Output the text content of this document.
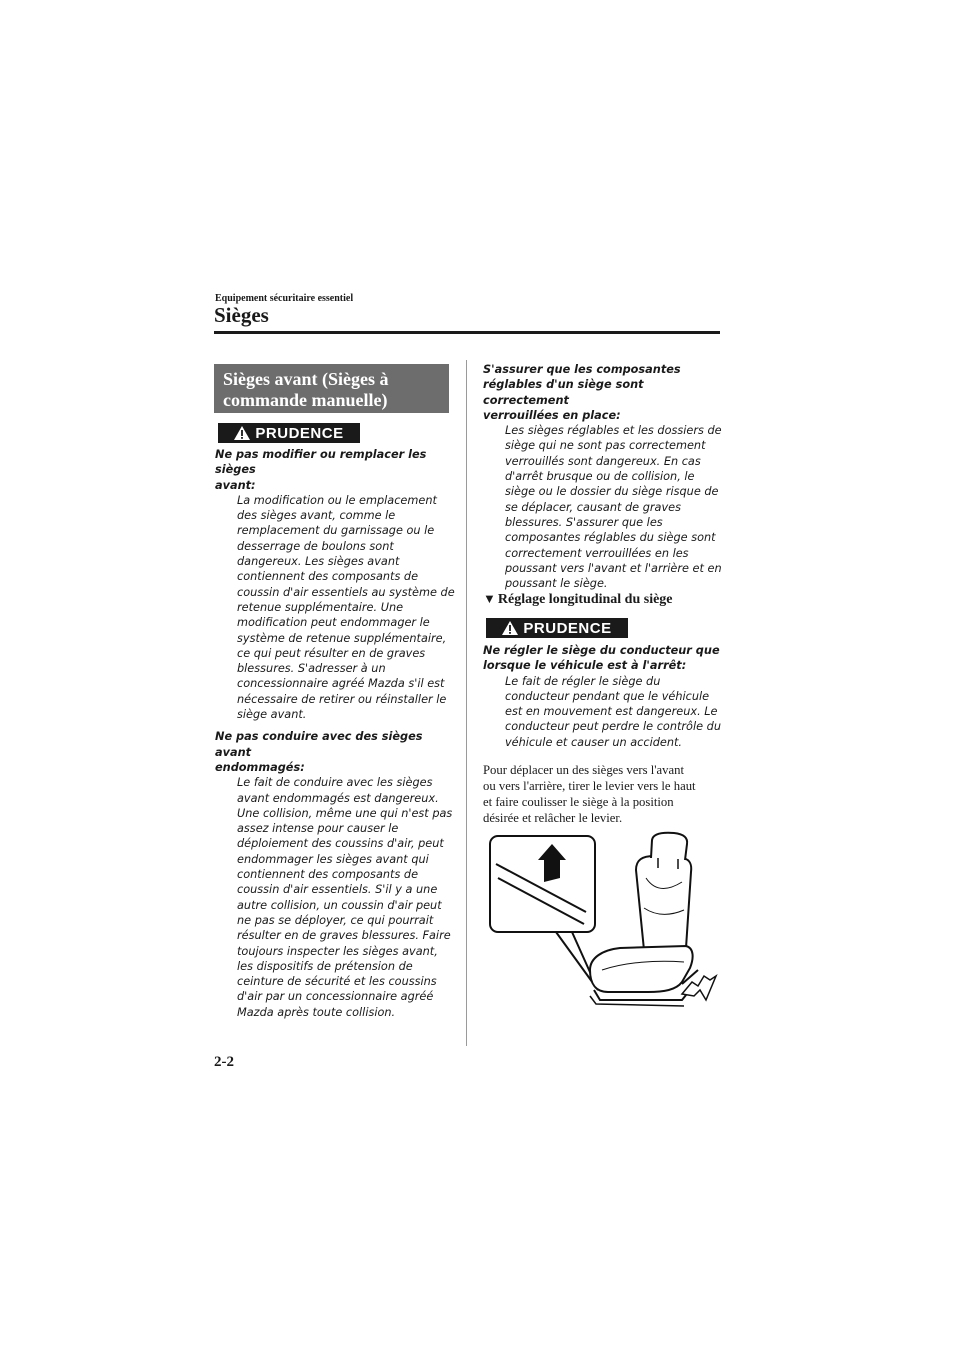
Equipement sécuritaire essentiel
Sièges
Sièges avant (Sièges à
commande manuelle)
PRUDENCE

Ne pas modifier ou remplacer les sièges

avant:

La modification ou le emplacement

des sièges avant, comme le

remplacement du garnissage ou le

desserrage de boulons sont

dangereux. Les sièges avant

contiennent des composants de

coussin d'air essentiels au système de

retenue supplémentaire. Une

modification peut endommager le

système de retenue supplémentaire,

ce qui peut résulter en de graves

blessures. S'adresser à un

concessionnaire agréé Mazda s'il est

nécessaire de retirer ou réinstaller le

siège avant.

Ne pas conduire avec des sièges avant

endommagés:

Le fait de conduire avec les sièges

avant endommagés est dangereux.

Une collision, même une qui n'est pas

assez intense pour causer le

déploiement des coussins d'air, peut

endommager les sièges avant qui

contiennent des composants de

coussin d'air essentiels. S'il y a une

autre collision, un coussin d'air peut

ne pas se déployer, ce qui pourrait

résulter en de graves blessures. Faire

toujours inspecter les sièges avant,

les dispositifs de prétension de

ceinture de sécurité et les coussins

d'air par un concessionnaire agréé

Mazda après toute collision.

S'assurer que les composantes

réglables d'un siège sont correctement

verrouillées en place:

Les sièges réglables et les dossiers de

siège qui ne sont pas correctement

verrouillés sont dangereux. En cas

d'arrêt brusque ou de collision, le

siège ou le dossier du siège risque de

se déplacer, causant de graves

blessures. S'assurer que les

composantes réglables du siège sont

correctement verrouillées en les

poussant vers l'avant et l'arrière et en

poussant le siège.

▼ Réglage longitudinal du siège
PRUDENCE

Ne régler le siège du conducteur que

lorsque le véhicule est à l'arrêt:

Le fait de régler le siège du

conducteur pendant que le véhicule

est en mouvement est dangereux. Le

conducteur peut perdre le contrôle du

véhicule et causer un accident.

Pour déplacer un des sièges vers l'avant
ou vers l'arrière, tirer le levier vers le haut
et faire coulisser le siège à la position
désirée et relâcher le levier.
2-2
